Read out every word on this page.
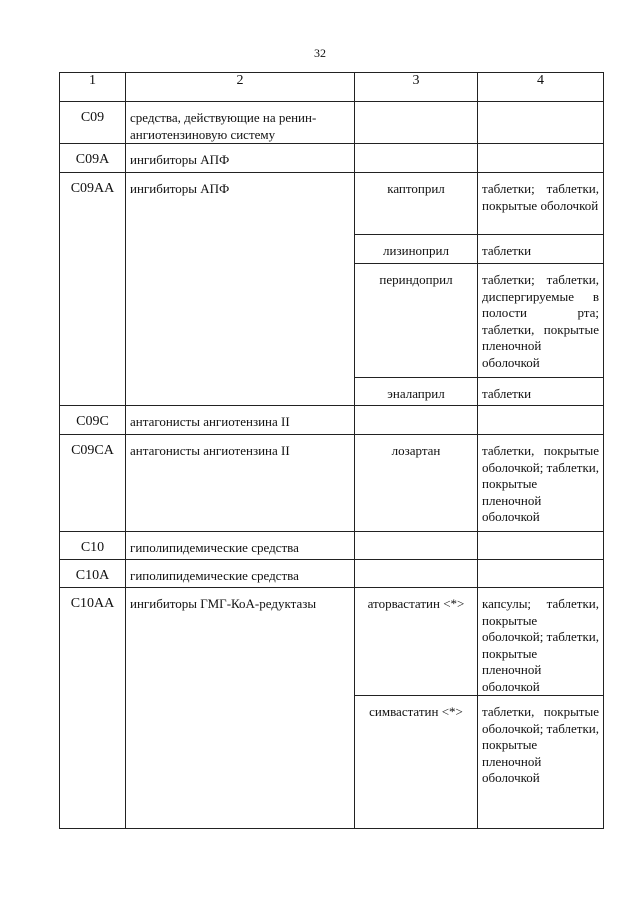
32
1	2	3	4
C09	средства, действующие на ренин-ангиотензиновую систему		
C09A	ингибиторы АПФ		
C09AA	ингибиторы АПФ	каптоприл	таблетки; таблетки, покрытые оболочкой
		лизиноприл	таблетки
		периндоприл	таблетки; таблетки, диспергируемые в полости рта; таблетки, покрытые пленочной оболочкой
		эналаприл	таблетки
C09C	антагонисты ангиотензина II		
C09CA	антагонисты ангиотензина II	лозартан	таблетки, покрытые оболочкой; таблетки, покрытые пленочной оболочкой
C10	гиполипидемические средства		
C10A	гиполипидемические средства		
C10AA	ингибиторы ГМГ-КоА-редуктазы	аторвастатин <*>	капсулы; таблетки, покрытые оболочкой; таблетки, покрытые пленочной оболочкой
		симвастатин <*>	таблетки, покрытые оболочкой; таблетки, покрытые пленочной оболочкой
